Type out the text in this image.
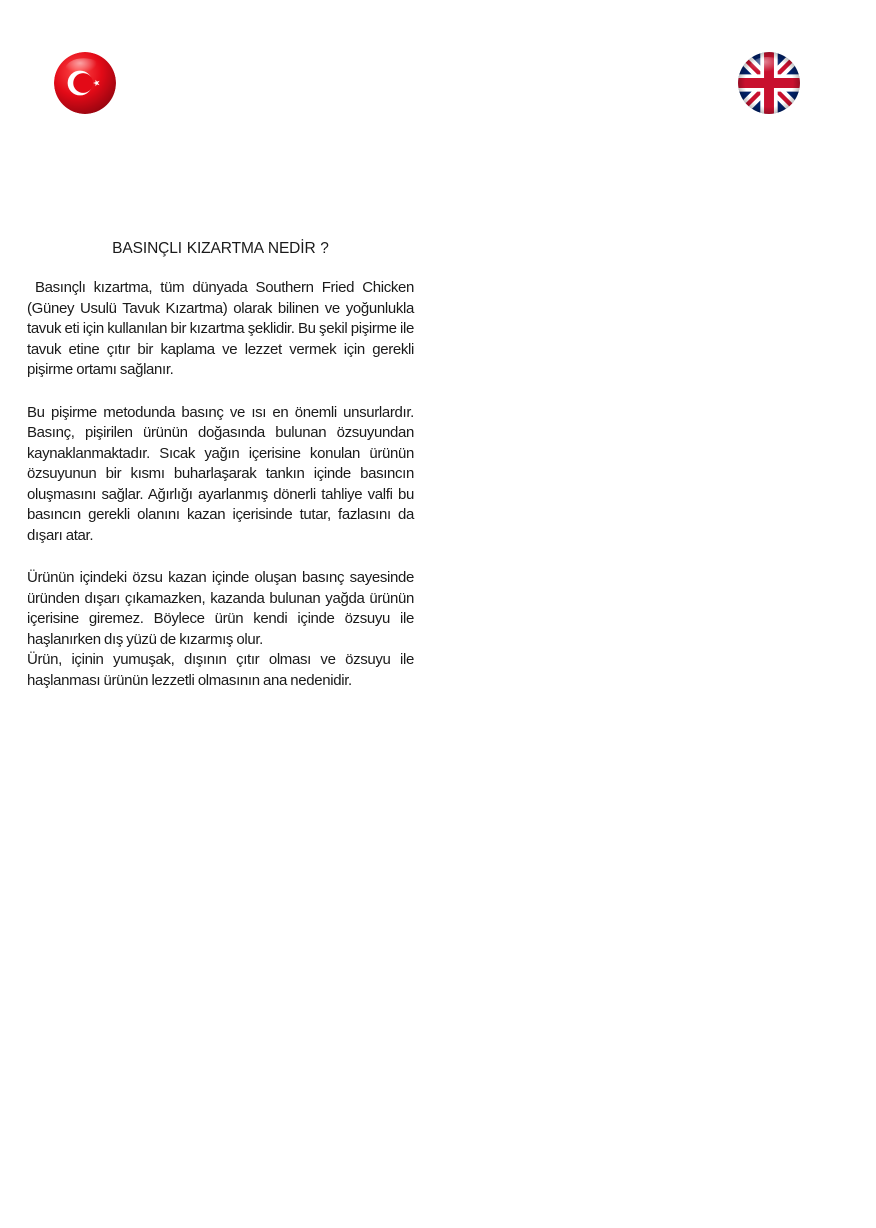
BASINÇLI KIZARTMA NEDİR ?

Basınçlı kızartma, tüm dünyada Southern Fried Chicken (Güney Usulü Tavuk Kızartma) olarak bilinen ve yoğunlukla tavuk eti için kullanılan bir kızartma şeklidir. Bu şekil pişirme ile tavuk etine çıtır bir kaplama ve lezzet vermek için gerekli pişirme ortamı sağlanır.

Bu pişirme metodunda basınç ve ısı en önemli unsurlardır. Basınç, pişirilen ürünün doğasında bulunan özsuyundan kaynaklanmaktadır. Sıcak yağın içerisine konulan ürünün özsuyunun bir kısmı buharlaşarak tankın içinde basıncın oluşmasını sağlar. Ağırlığı ayarlanmış dönerli tahliye valfi bu basıncın gerekli olanını kazan içerisinde tutar, fazlasını da dışarı atar.

Ürünün içindeki özsu kazan içinde oluşan basınç sayesinde üründen dışarı çıkamazken, kazanda bulunan yağda ürünün içerisine giremez. Böylece ürün kendi içinde özsuyu ile haşlanırken dış yüzü de kızarmış olur.

Ürün, içinin yumuşak, dışının çıtır olması ve özsuyu ile haşlanması ürünün lezzetli olmasının ana nedenidir.
